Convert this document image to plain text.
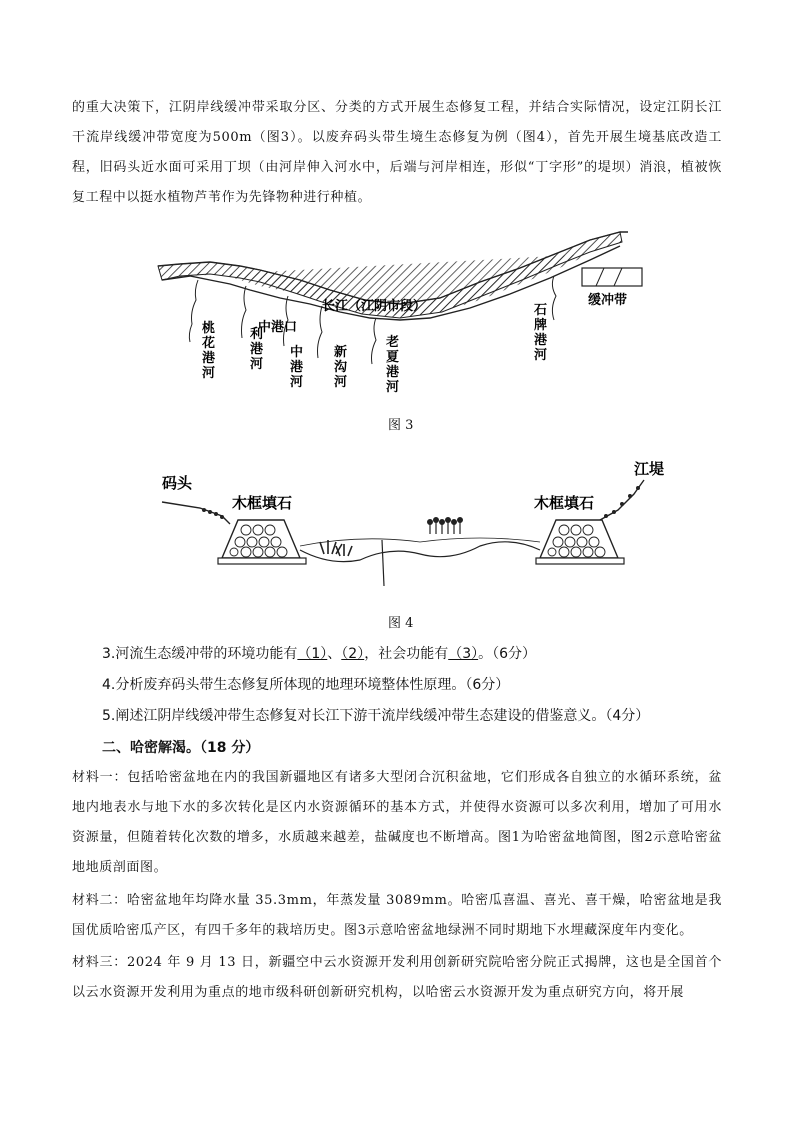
的重大决策下，江阴岸线缓冲带采取分区、分类的方式开展生态修复工程，并结合实际情况，设定江阴长江干流岸线缓冲带宽度为500m（图3）。以废弃码头带生境生态修复为例（图4），首先开展生境基底改造工程，旧码头近水面可采用丁坝（由河岸伸入河水中，后端与河岸相连，形似“丁字形”的堤坝）消浪，植被恢复工程中以挺水植物芦苇作为先锋物种进行种植。

长江（江阴市段）
中港口
桃花港河
利港河
中港河
新沟河
老夏港河
石牌港河
缓冲带
图 3
码头
江堤
木框填石	木框填石
图 4
3.河流生态缓冲带的环境功能有（1）、（2），社会功能有（3）。（6分）
4.分析废弃码头带生态修复所体现的地理环境整体性原理。（6分）
5.阐述江阴岸线缓冲带生态修复对长江下游干流岸线缓冲带生态建设的借鉴意义。（4分）
二、哈密解渴。（18 分）

材料一：包括哈密盆地在内的我国新疆地区有诸多大型闭合沉积盆地，它们形成各自独立的水循环系统，盆地内地表水与地下水的多次转化是区内水资源循环的基本方式，并使得水资源可以多次利用，增加了可用水资源量，但随着转化次数的增多，水质越来越差，盐碱度也不断增高。图1为哈密盆地简图，图2示意哈密盆地地质剖面图。

材料二：哈密盆地年均降水量 35.3mm，年蒸发量 3089mm。哈密瓜喜温、喜光、喜干燥，哈密盆地是我国优质哈密瓜产区，有四千多年的栽培历史。图3示意哈密盆地绿洲不同时期地下水埋藏深度年内变化。

材料三：2024 年 9 月 13 日，新疆空中云水资源开发利用创新研究院哈密分院正式揭牌，这也是全国首个以云水资源开发利用为重点的地市级科研创新研究机构，以哈密云水资源开发为重点研究方向，将开展
